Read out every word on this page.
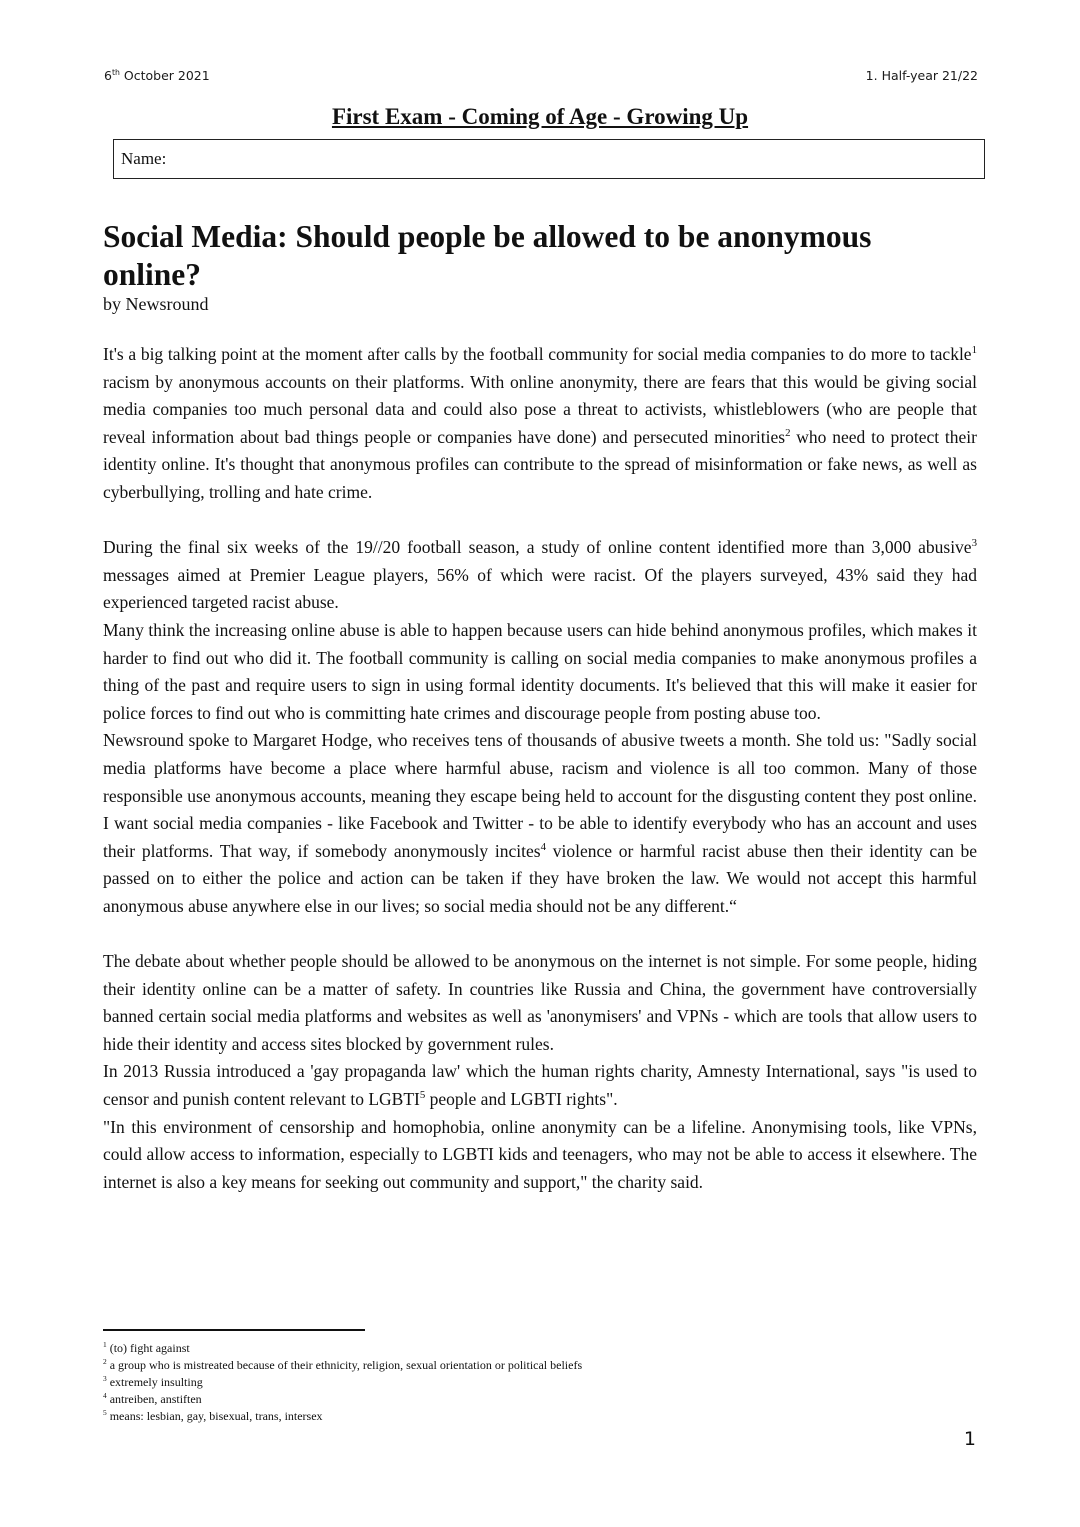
6th October 2021	1. Half-year 21/22
First Exam - Coming of Age - Growing Up
Name:
Social Media: Should people be allowed to be anonymous online?
by Newsround

It's a big talking point at the moment after calls by the football community for social media companies to do more to tackle$^1$ racism by anonymous accounts on their platforms. With online anonymity, there are fears that this would be giving social media companies too much personal data and could also pose a threat to activists, whistleblowers (who are people that reveal information about bad things people or companies have done) and persecuted minorities$^2$ who need to protect their identity online. It's thought that anonymous profiles can contribute to the spread of misinformation or fake news, as well as cyberbullying, trolling and hate crime.

During the final six weeks of the 19//20 football season, a study of online content identified more than 3,000 abusive$^3$ messages aimed at Premier League players, 56% of which were racist. Of the players surveyed, 43% said they had experienced targeted racist abuse.

Many think the increasing online abuse is able to happen because users can hide behind anonymous profiles, which makes it harder to find out who did it. The football community is calling on social media companies to make anonymous profiles a thing of the past and require users to sign in using formal identity documents. It's believed that this will make it easier for police forces to find out who is committing hate crimes and discourage people from posting abuse too.

Newsround spoke to Margaret Hodge, who receives tens of thousands of abusive tweets a month. She told us: "Sadly social media platforms have become a place where harmful abuse, racism and violence is all too common. Many of those responsible use anonymous accounts, meaning they escape being held to account for the disgusting content they post online. I want social media companies - like Facebook and Twitter - to be able to identify everybody who has an account and uses their platforms. That way, if somebody anonymously incites$^4$ violence or harmful racist abuse then their identity can be passed on to either the police and action can be taken if they have broken the law. We would not accept this harmful anonymous abuse anywhere else in our lives; so social media should not be any different.“

The debate about whether people should be allowed to be anonymous on the internet is not simple. For some people, hiding their identity online can be a matter of safety. In countries like Russia and China, the government have controversially banned certain social media platforms and websites as well as 'anonymisers' and VPNs - which are tools that allow users to hide their identity and access sites blocked by government rules.

In 2013 Russia introduced a 'gay propaganda law' which the human rights charity, Amnesty International, says "is used to censor and punish content relevant to LGBTI$^5$ people and LGBTI rights".

"In this environment of censorship and homophobia, online anonymity can be a lifeline. Anonymising tools, like VPNs, could allow access to information, especially to LGBTI kids and teenagers, who may not be able to access it elsewhere. The internet is also a key means for seeking out community and support," the charity said.

$^1$ (to) fight against
$^2$ a group who is mistreated because of their ethnicity, religion, sexual orientation or political beliefs
$^3$ extremely insulting
$^4$ antreiben, anstiften
$^5$ means: lesbian, gay, bisexual, trans, intersex
1
